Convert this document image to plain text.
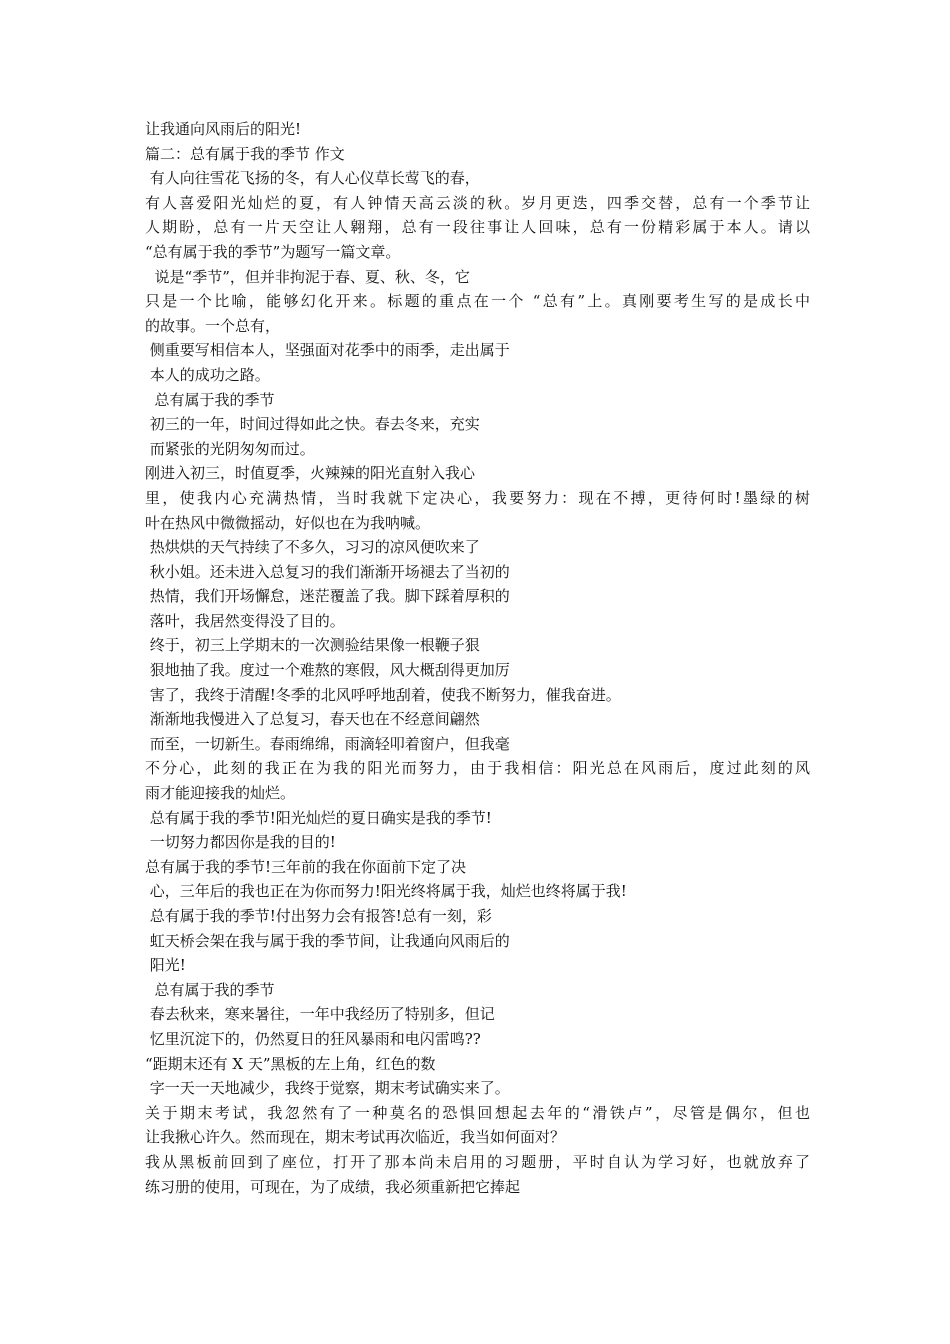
让我通向风雨后的阳光!
篇二：总有属于我的季节 作文
有人向往雪花飞扬的冬，有人心仪草长莺飞的春，
有人喜爱阳光灿烂的夏，有人钟情天高云淡的秋。岁月更迭，四季交替，总有一个季节让
人期盼，总有一片天空让人翱翔，总有一段往事让人回味，总有一份精彩属于本人。请以
“总有属于我的季节”为题写一篇文章。
说是“季节”，但并非拘泥于春、夏、秋、冬，它
只是一个比喻，能够幻化开来。标题的重点在一个 “总有”上。真刚要考生写的是成长中
的故事。一个总有，
侧重要写相信本人，坚强面对花季中的雨季，走出属于
本人的成功之路。
总有属于我的季节
初三的一年，时间过得如此之快。春去冬来，充实
而紧张的光阴匆匆而过。
刚进入初三，时值夏季，火辣辣的阳光直射入我心
里，使我内心充满热情，当时我就下定决心，我要努力：现在不搏，更待何时!墨绿的树
叶在热风中微微摇动，好似也在为我呐喊。
热烘烘的天气持续了不多久，习习的凉风便吹来了
秋小姐。还未进入总复习的我们渐渐开场褪去了当初的
热情，我们开场懈怠，迷茫覆盖了我。脚下踩着厚积的
落叶，我居然变得没了目的。
终于，初三上学期末的一次测验结果像一根鞭子狠
狠地抽了我。度过一个难熬的寒假，风大概刮得更加厉
害了，我终于清醒!冬季的北风呼呼地刮着，使我不断努力，催我奋进。
渐渐地我慢进入了总复习，春天也在不经意间翩然
而至，一切新生。春雨绵绵，雨滴轻叩着窗户，但我毫
不分心，此刻的我正在为我的阳光而努力，由于我相信：阳光总在风雨后，度过此刻的风
雨才能迎接我的灿烂。
总有属于我的季节!阳光灿烂的夏日确实是我的季节!
一切努力都因你是我的目的!
总有属于我的季节!三年前的我在你面前下定了决
心，三年后的我也正在为你而努力!阳光终将属于我，灿烂也终将属于我!
总有属于我的季节!付出努力会有报答!总有一刻，彩
虹天桥会架在我与属于我的季节间，让我通向风雨后的
阳光!
总有属于我的季节
春去秋来，寒来暑往，一年中我经历了特别多，但记
忆里沉淀下的，仍然夏日的狂风暴雨和电闪雷鸣??
“距期末还有 X 天”黑板的左上角，红色的数
字一天一天地减少，我终于觉察，期末考试确实来了。
关于期末考试，我忽然有了一种莫名的恐惧回想起去年的“滑铁卢”，尽管是偶尔，但也
让我揪心许久。然而现在，期末考试再次临近，我当如何面对？
我从黑板前回到了座位，打开了那本尚未启用的习题册，平时自认为学习好，也就放弃了
练习册的使用，可现在，为了成绩，我必须重新把它捧起
